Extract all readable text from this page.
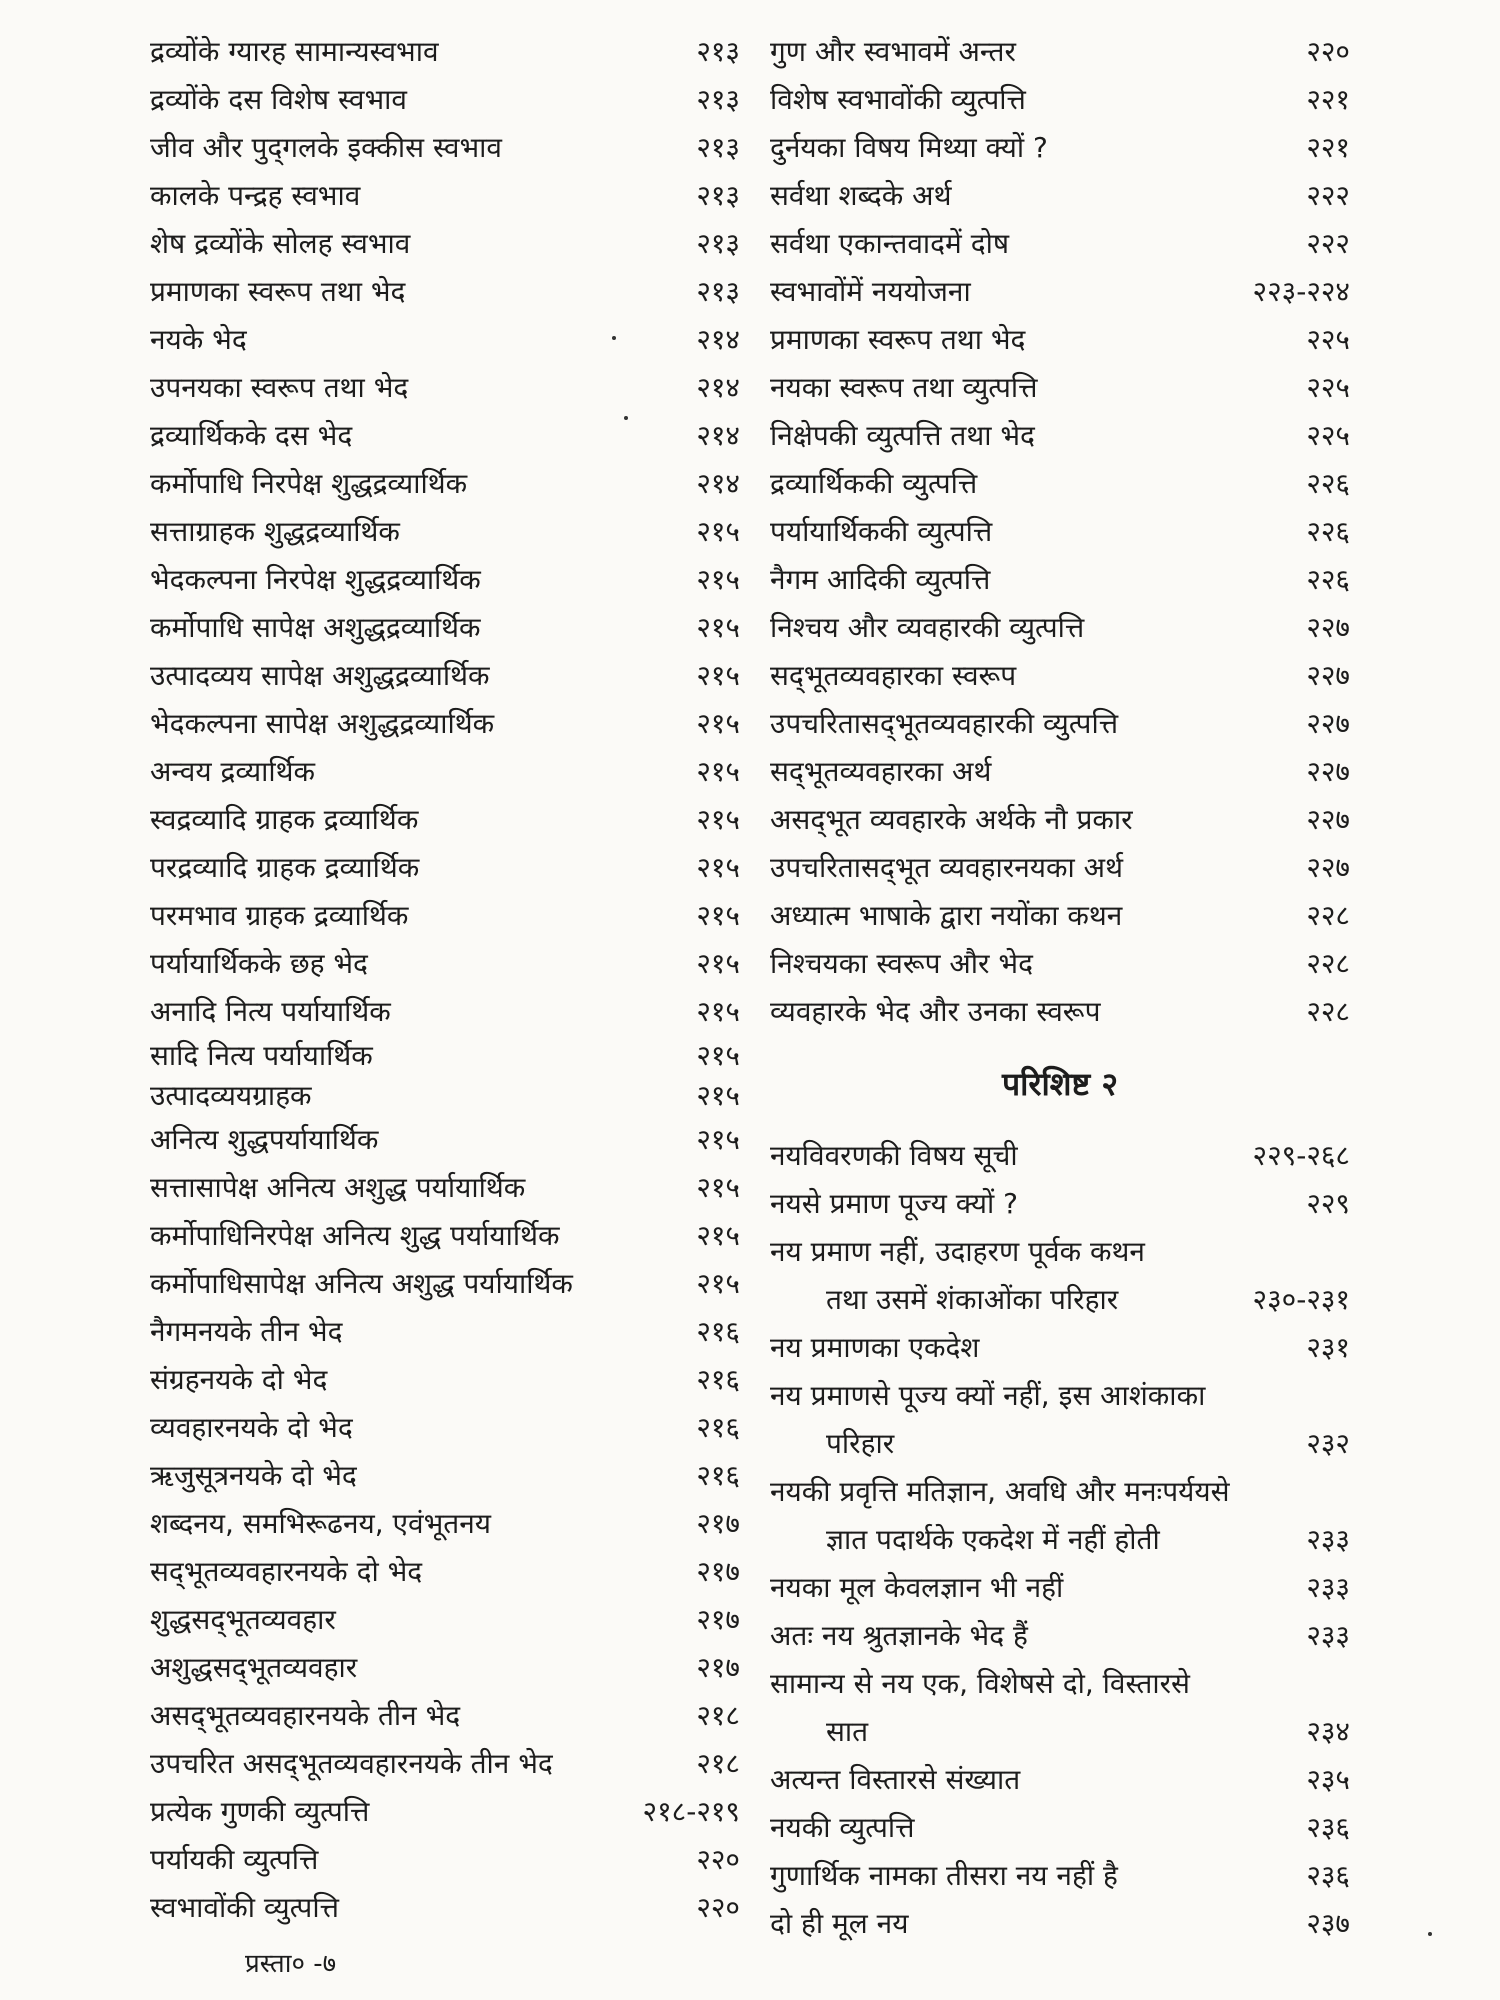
द्रव्योंके ग्यारह सामान्यस्वभाव	२१३
द्रव्योंके दस विशेष स्वभाव	२१३
जीव और पुद्‌गलके इक्कीस स्वभाव	२१३
कालके पन्द्रह स्वभाव	२१३
शेष द्रव्योंके सोलह स्वभाव	२१३
प्रमाणका स्वरूप तथा भेद	२१३
नयके भेद	२१४
उपनयका स्वरूप तथा भेद	२१४
द्रव्यार्थिकके दस भेद	२१४
कर्मोपाधि निरपेक्ष शुद्धद्रव्यार्थिक	२१४
सत्ताग्राहक शुद्धद्रव्यार्थिक	२१५
भेदकल्पना निरपेक्ष शुद्धद्रव्यार्थिक	२१५
कर्मोपाधि सापेक्ष अशुद्धद्रव्यार्थिक	२१५
उत्पादव्यय सापेक्ष अशुद्धद्रव्यार्थिक	२१५
भेदकल्पना सापेक्ष अशुद्धद्रव्यार्थिक	२१५
अन्वय द्रव्यार्थिक	२१५
स्वद्रव्यादि ग्राहक द्रव्यार्थिक	२१५
परद्रव्यादि ग्राहक द्रव्यार्थिक	२१५
परमभाव ग्राहक द्रव्यार्थिक	२१५
पर्यायार्थिकके छह भेद	२१५
अनादि नित्य पर्यायार्थिक	२१५
सादि नित्य पर्यायार्थिक	२१५
उत्पादव्ययग्राहक	२१५
अनित्य शुद्धपर्यायार्थिक	२१५
सत्तासापेक्ष अनित्य अशुद्ध पर्यायार्थिक	२१५
कर्मोपाधिनिरपेक्ष अनित्य शुद्ध पर्यायार्थिक	२१५
कर्मोपाधिसापेक्ष अनित्य अशुद्ध पर्यायार्थिक	२१५
नैगमनयके तीन भेद	२१६
संग्रहनयके दो भेद	२१६
व्यवहारनयके दो भेद	२१६
ऋजुसूत्रनयके दो भेद	२१६
शब्दनय, समभिरूढनय, एवंभूतनय	२१७
सद्‌भूतव्यवहारनयके दो भेद	२१७
शुद्धसद्‌भूतव्यवहार	२१७
अशुद्धसद्‌भूतव्यवहार	२१७
असद्‌भूतव्यवहारनयके तीन भेद	२१८
उपचरित असद्‌भूतव्यवहारनयके तीन भेद	२१८
प्रत्येक गुणकी व्युत्पत्ति	२१८-२१९
पर्यायकी व्युत्पत्ति	२२०
स्वभावोंकी व्युत्पत्ति	२२०
गुण और स्वभावमें अन्तर	२२०
विशेष स्वभावोंकी व्युत्पत्ति	२२१
दुर्नयका विषय मिथ्या क्यों ?	२२१
सर्वथा शब्दके अर्थ	२२२
सर्वथा एकान्तवादमें दोष	२२२
स्वभावोंमें नययोजना	२२३-२२४
प्रमाणका स्वरूप तथा भेद	२२५
नयका स्वरूप तथा व्युत्पत्ति	२२५
निक्षेपकी व्युत्पत्ति तथा भेद	२२५
द्रव्यार्थिककी व्युत्पत्ति	२२६
पर्यायार्थिककी व्युत्पत्ति	२२६
नैगम आदिकी व्युत्पत्ति	२२६
निश्चय और व्यवहारकी व्युत्पत्ति	२२७
सद्‌भूतव्यवहारका स्वरूप	२२७
उपचरितासद्‌भूतव्यवहारकी व्युत्पत्ति	२२७
सद्‌भूतव्यवहारका अर्थ	२२७
असद्‌भूत व्यवहारके अर्थके नौ प्रकार	२२७
उपचरितासद्‌भूत व्यवहारनयका अर्थ	२२७
अध्यात्म भाषाके द्वारा नयोंका कथन	२२८
निश्चयका स्वरूप और भेद	२२८
व्यवहारके भेद और उनका स्वरूप	२२८
परिशिष्ट २
नयविवरणकी विषय सूची	२२९-२६८
नयसे प्रमाण पूज्य क्यों ?	२२९
नय प्रमाण नहीं, उदाहरण पूर्वक कथन
तथा उसमें शंकाओंका परिहार	२३०-२३१
नय प्रमाणका एकदेश	२३१
नय प्रमाणसे पूज्य क्यों नहीं, इस आशंकाका
परिहार	२३२
नयकी प्रवृत्ति मतिज्ञान, अवधि और मनःपर्ययसे
ज्ञात पदार्थके एकदेश में नहीं होती	२३३
नयका मूल केवलज्ञान भी नहीं	२३३
अतः नय श्रुतज्ञानके भेद हैं	२३३
सामान्य से नय एक, विशेषसे दो, विस्तारसे
सात	२३४
अत्यन्त विस्तारसे संख्यात	२३५
नयकी व्युत्पत्ति	२३६
गुणार्थिक नामका तीसरा नय नहीं है	२३६
दो ही मूल नय	२३७
प्रस्ता० -७
